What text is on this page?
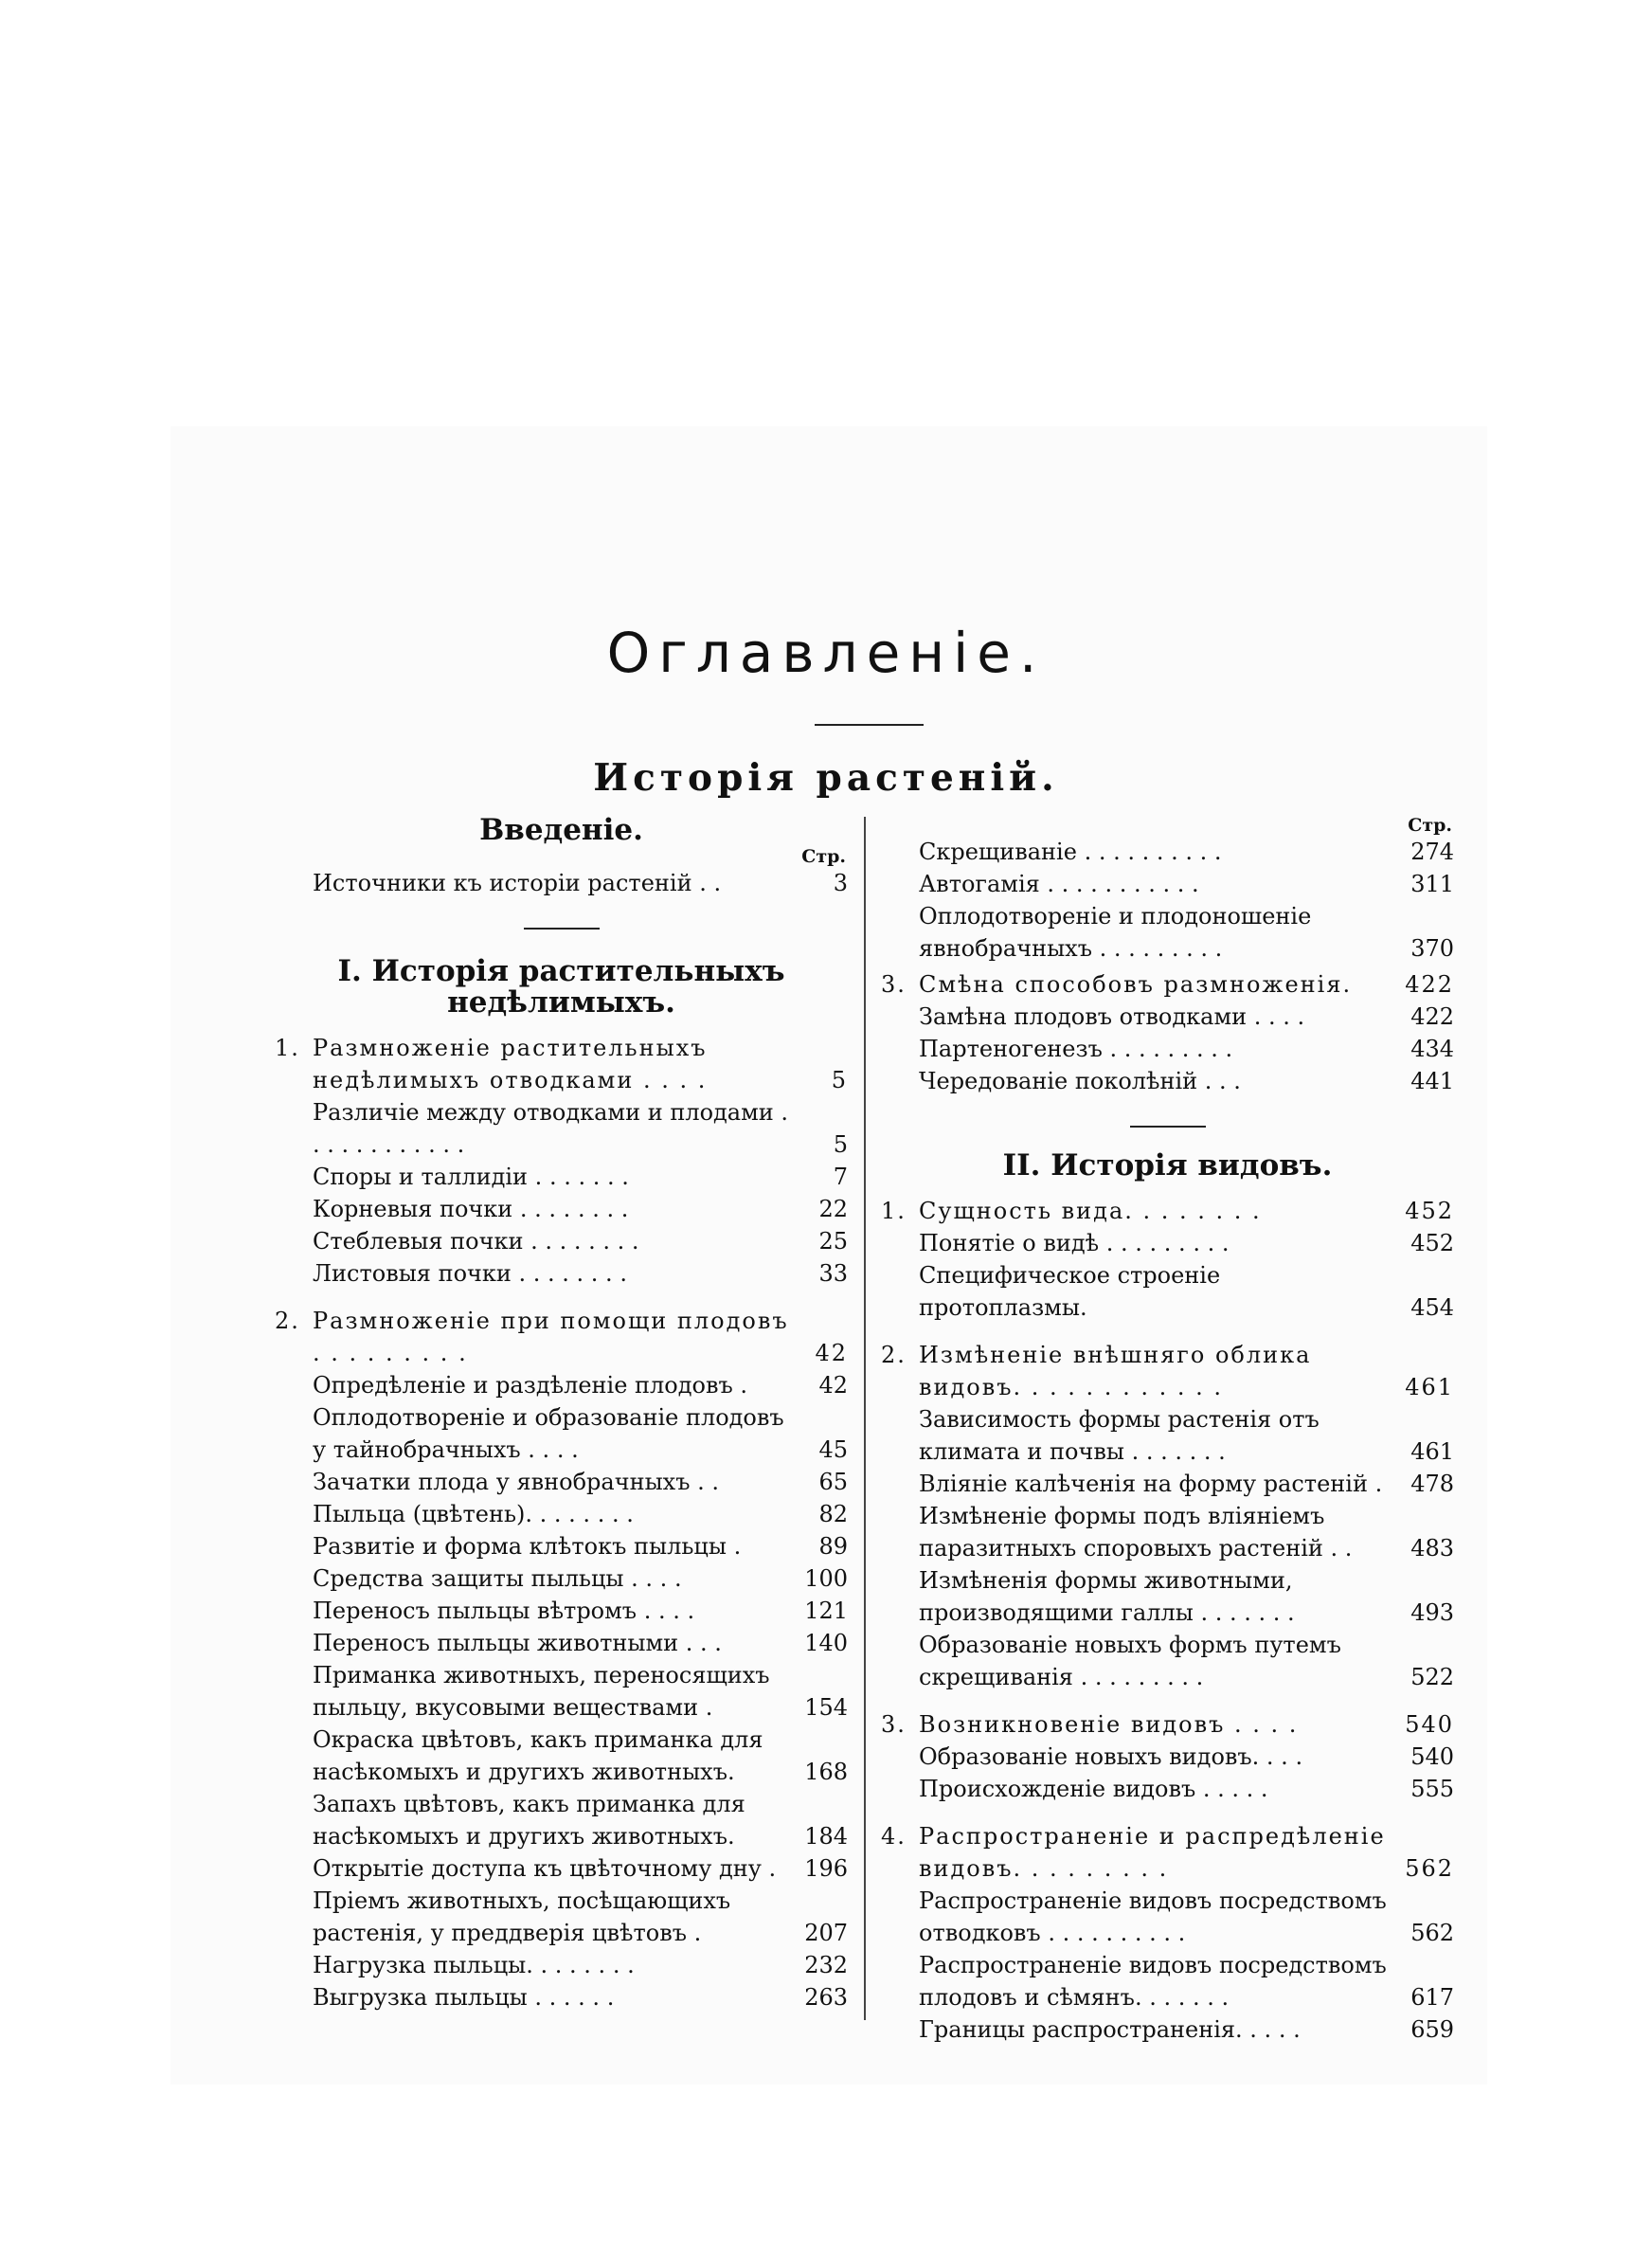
Оглавленіе.
Исторія растеній.
Введеніе.
Стр.
Источники къ исторіи растеній . .	3
I. Исторія растительныхъ
недѣлимыхъ.
1. Размноженіе растительныхъ недѣлимыхъ отводками . . . .	5
Различіе между отводками и плодами . . . . . . . . . . . .	5
Споры и таллидіи . . . . . . .	7
Корневыя почки . . . . . . . .	22
Стеблевыя почки . . . . . . . .	25
Листовыя почки . . . . . . . .	33
2. Размноженіе при помощи плодовъ . . . . . . . . .	42
Опредѣленіе и раздѣленіе плодовъ .	42
Оплодотвореніе и образованіе плодовъ у тайнобрачныхъ . . . .	45
Зачатки плода у явнобрачныхъ . .	65
Пыльца (цвѣтень). . . . . . . .	82
Развитіе и форма клѣтокъ пыльцы .	89
Средства защиты пыльцы . . . .	100
Переносъ пыльцы вѣтромъ . . . .	121
Переносъ пыльцы животными . . .	140
Приманка животныхъ, переносящихъ пыльцу, вкусовыми веществами .	154
Окраска цвѣтовъ, какъ приманка для насѣкомыхъ и другихъ животныхъ.	168
Запахъ цвѣтовъ, какъ приманка для насѣкомыхъ и другихъ животныхъ.	184
Открытіе доступа къ цвѣточному дну .	196
Пріемъ животныхъ, посѣщающихъ растенія, у преддверія цвѣтовъ .	207
Нагрузка пыльцы. . . . . . . .	232
Выгрузка пыльцы . . . . . .	263
Стр.
Скрещиваніе . . . . . . . . . .	274
Автогамія . . . . . . . . . . .	311
Оплодотвореніе и плодоношеніе явнобрачныхъ . . . . . . . . .	370
3. Смѣна способовъ размноженія.	422
Замѣна плодовъ отводками . . . .	422
Партеногенезъ . . . . . . . . .	434
Чередованіе поколѣній . . .	441
II. Исторія видовъ.
1. Сущность вида. . . . . . . .	452
Понятіе о видѣ . . . . . . . . .	452
Специфическое строеніе протоплазмы.	454
2. Измѣненіе внѣшняго облика видовъ. . . . . . . . . . . .	461
Зависимость формы растенія отъ климата и почвы . . . . . . .	461
Вліяніе калѣченія на форму растеній .	478
Измѣненіе формы подъ вліяніемъ паразитныхъ споровыхъ растеній . .	483
Измѣненія формы животными, производящими галлы . . . . . . .	493
Образованіе новыхъ формъ путемъ скрещиванія . . . . . . . . .	522
3. Возникновеніе видовъ . . . .	540
Образованіе новыхъ видовъ. . . .	540
Происхожденіе видовъ . . . . .	555
4. Распространеніе и распредѣленіе видовъ. . . . . . . . .	562
Распространеніе видовъ посредствомъ отводковъ . . . . . . . . . .	562
Распространеніе видовъ посредствомъ плодовъ и сѣмянъ. . . . . . .	617
Границы распространенія. . . . .	659
